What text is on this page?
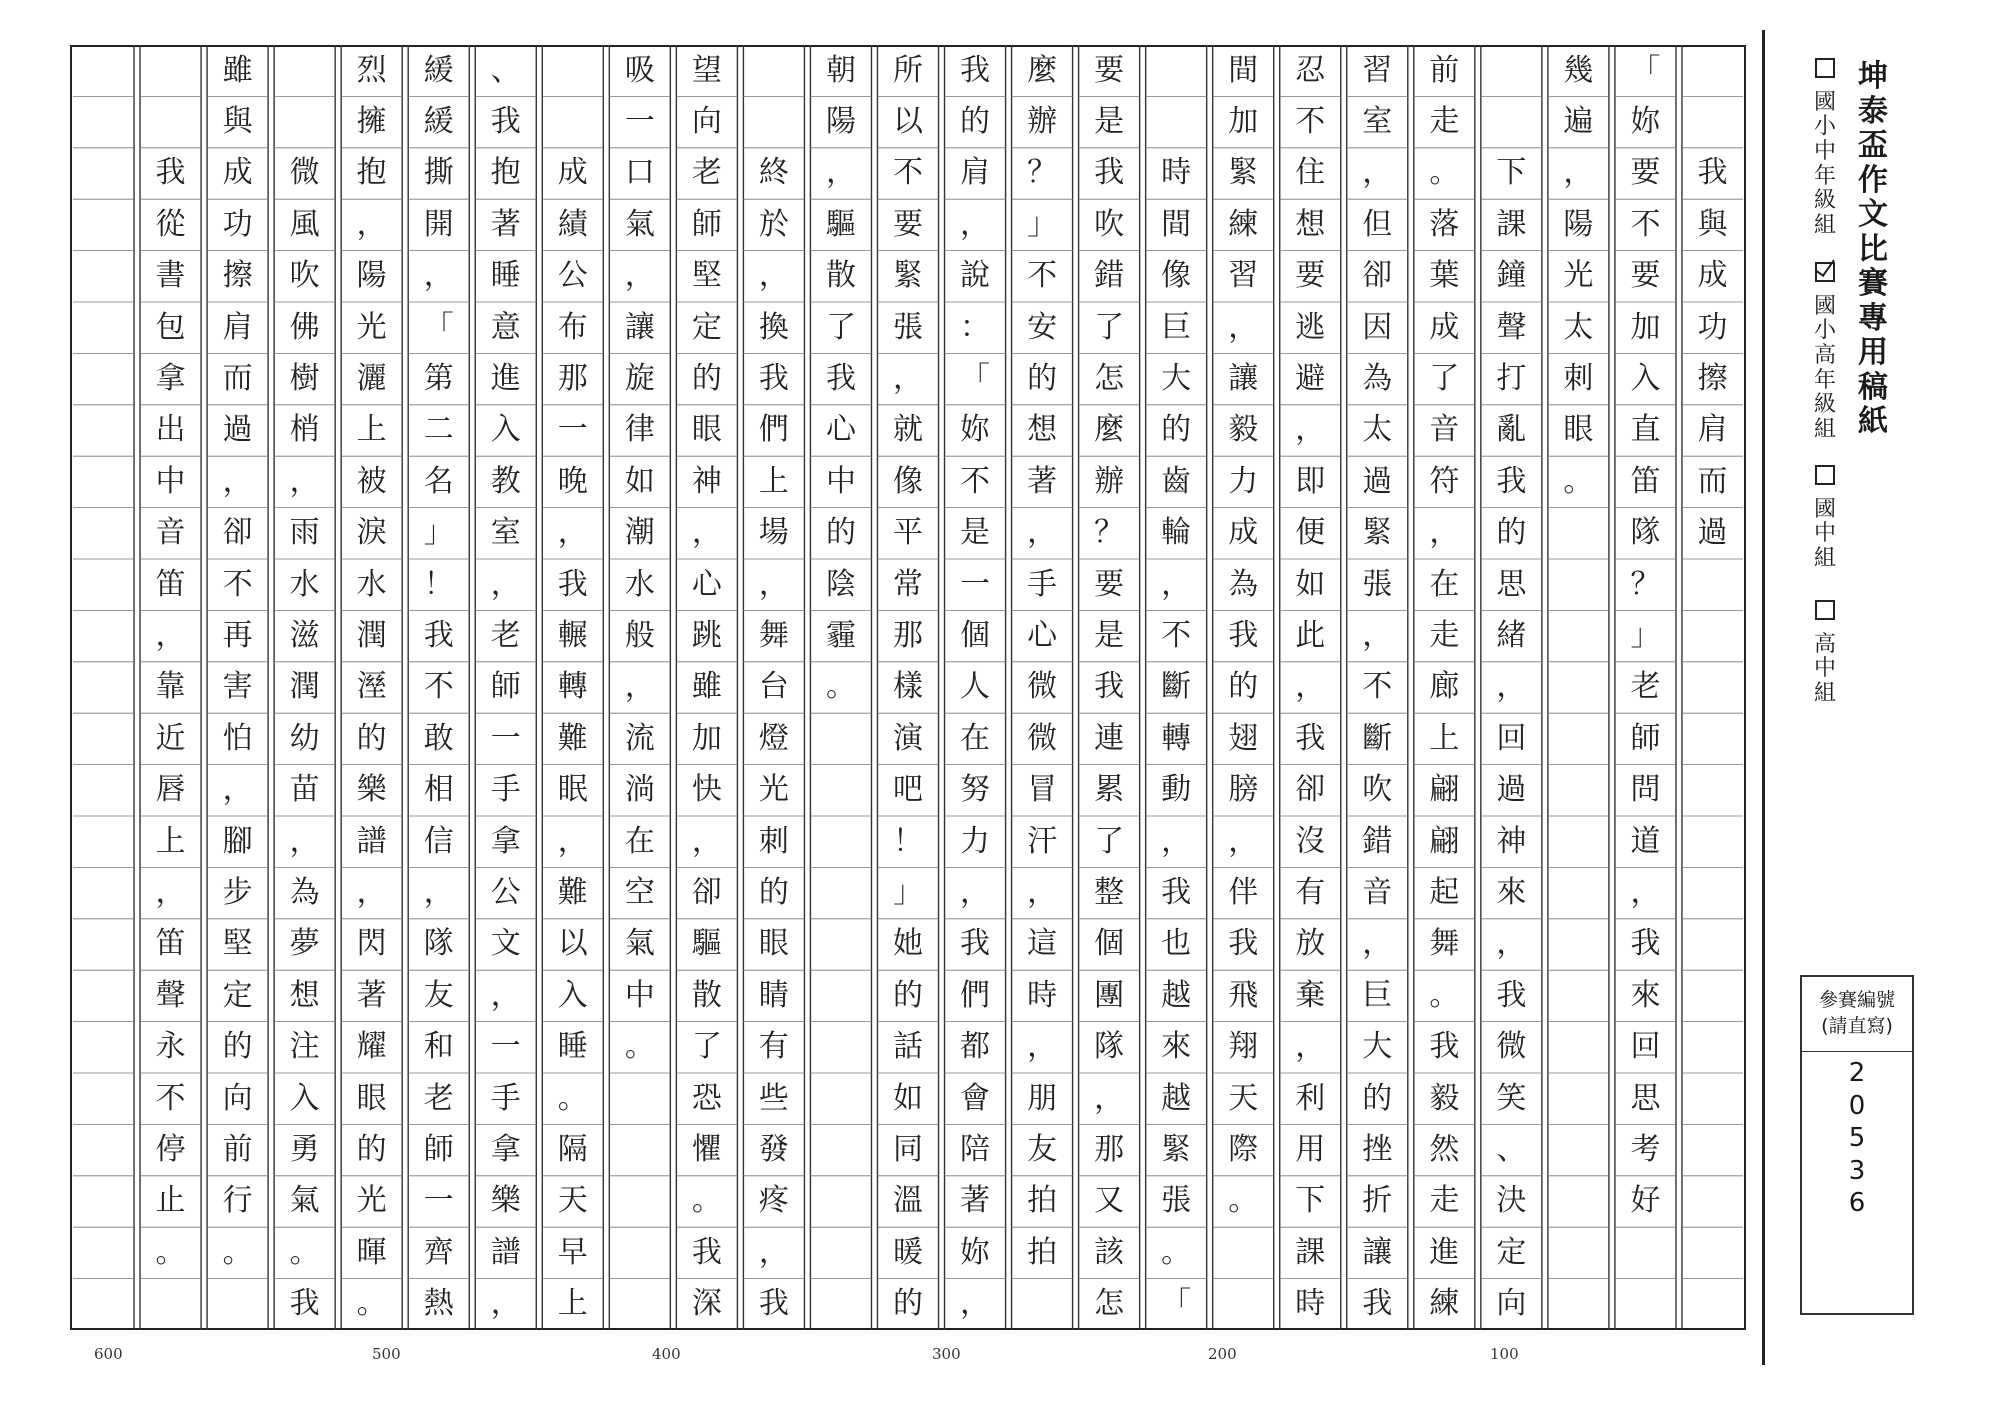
我
與
成
功
擦
肩
而
過
「
妳
要
不
要
加
入
直
笛
隊
？
」
老
師
問
道
，
我
來
回
思
考
好
幾
遍
，
陽
光
太
刺
眼
。
下
課
鐘
聲
打
亂
我
的
思
緒
，
回
過
神
來
，
我
微
笑
、
決
定
向
前
走
。
落
葉
成
了
音
符
，
在
走
廊
上
翩
翩
起
舞
。
我
毅
然
走
進
練
習
室
，
但
卻
因
為
太
過
緊
張
，
不
斷
吹
錯
音
，
巨
大
的
挫
折
讓
我
忍
不
住
想
要
逃
避
，
即
便
如
此
，
我
卻
沒
有
放
棄
，
利
用
下
課
時
間
加
緊
練
習
，
讓
毅
力
成
為
我
的
翅
膀
，
伴
我
飛
翔
天
際
。
時
間
像
巨
大
的
齒
輪
，
不
斷
轉
動
，
我
也
越
來
越
緊
張
。
「
要
是
我
吹
錯
了
怎
麼
辦
？
要
是
我
連
累
了
整
個
團
隊
，
那
又
該
怎
麼
辦
？
」
不
安
的
想
著
，
手
心
微
微
冒
汗
，
這
時
，
朋
友
拍
拍
我
的
肩
，
說
：
「
妳
不
是
一
個
人
在
努
力
，
我
們
都
會
陪
著
妳
，
所
以
不
要
緊
張
，
就
像
平
常
那
樣
演
吧
！
」
她
的
話
如
同
溫
暖
的
朝
陽
，
驅
散
了
我
心
中
的
陰
霾
。
終
於
，
換
我
們
上
場
，
舞
台
燈
光
刺
的
眼
睛
有
些
發
疼
，
我
望
向
老
師
堅
定
的
眼
神
，
心
跳
雖
加
快
，
卻
驅
散
了
恐
懼
。
我
深
吸
一
口
氣
，
讓
旋
律
如
潮
水
般
，
流
淌
在
空
氣
中
。
成
績
公
布
那
一
晚
，
我
輾
轉
難
眠
，
難
以
入
睡
。
隔
天
早
上
、
我
抱
著
睡
意
進
入
教
室
，
老
師
一
手
拿
公
文
，
一
手
拿
樂
譜
，
緩
緩
撕
開
，
「
第
二
名
」
！
我
不
敢
相
信
，
隊
友
和
老
師
一
齊
熱
烈
擁
抱
，
陽
光
灑
上
被
淚
水
潤
溼
的
樂
譜
，
閃
著
耀
眼
的
光
暉
。
微
風
吹
佛
樹
梢
，
雨
水
滋
潤
幼
苗
，
為
夢
想
注
入
勇
氣
。
我
雖
與
成
功
擦
肩
而
過
，
卻
不
再
害
怕
，
腳
步
堅
定
的
向
前
行
。
我
從
書
包
拿
出
中
音
笛
，
靠
近
唇
上
，
笛
聲
永
不
停
止
。
100
200
300
400
500
600
坤泰盃作文比賽專用稿紙
國小中年級組
國小高年級組
國中組
高中組
參賽編號
(請直寫)
20536
